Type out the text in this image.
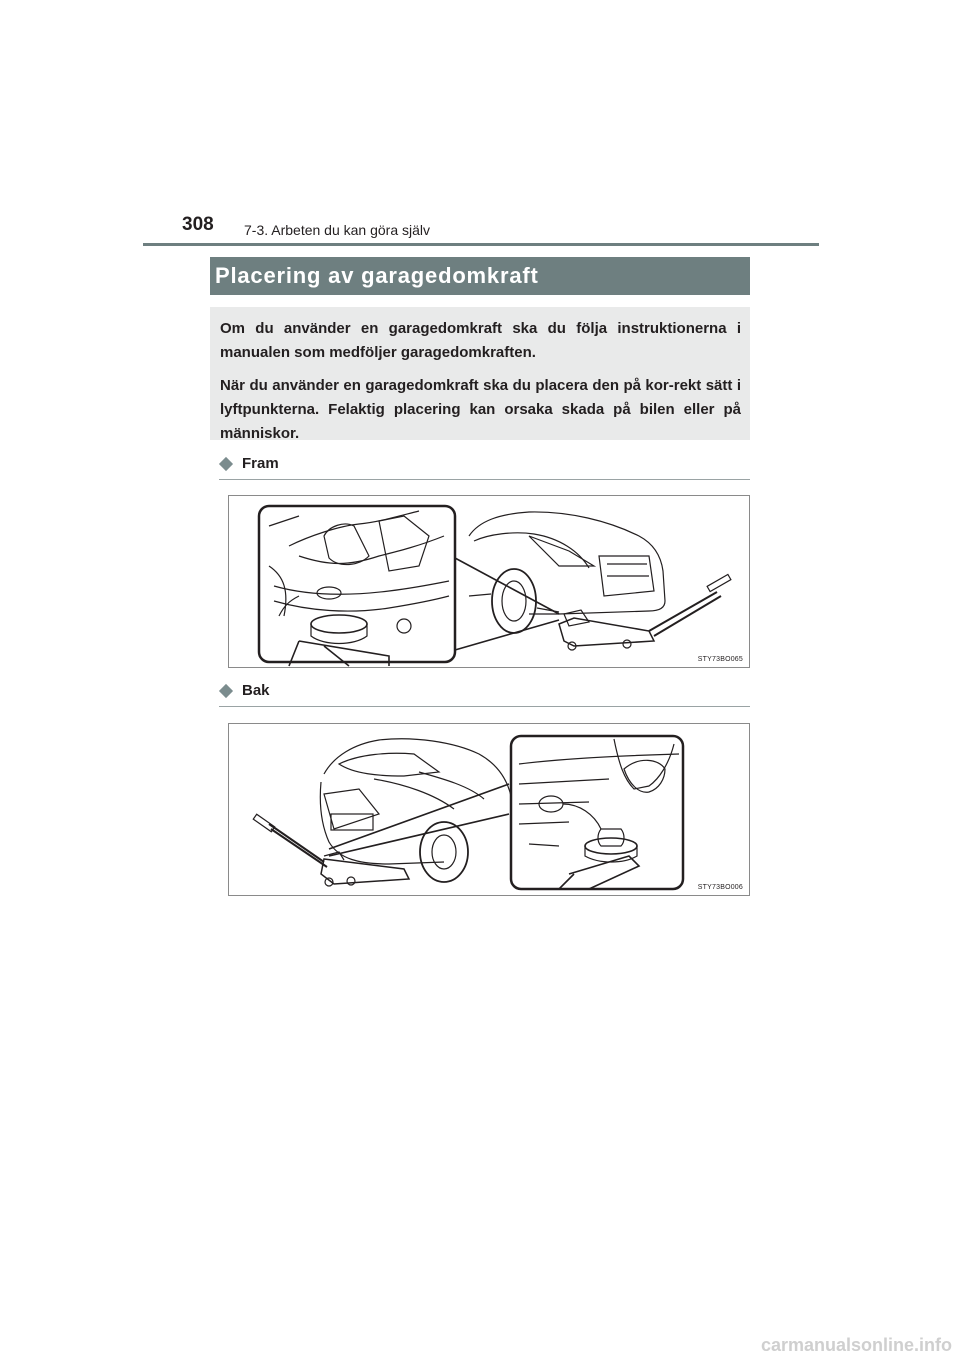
308 7-3. Arbeten du kan göra själv
Placering av garagedomkraft

Om du använder en garagedomkraft ska du följa instruktionerna i manualen som medföljer garagedomkraften.

När du använder en garagedomkraft ska du placera den på kor-rekt sätt i lyftpunkterna. Felaktig placering kan orsaka skada på bilen eller på människor.

Fram
STY73BO065
Bak
STY73BO006
carmanualsonline.info
